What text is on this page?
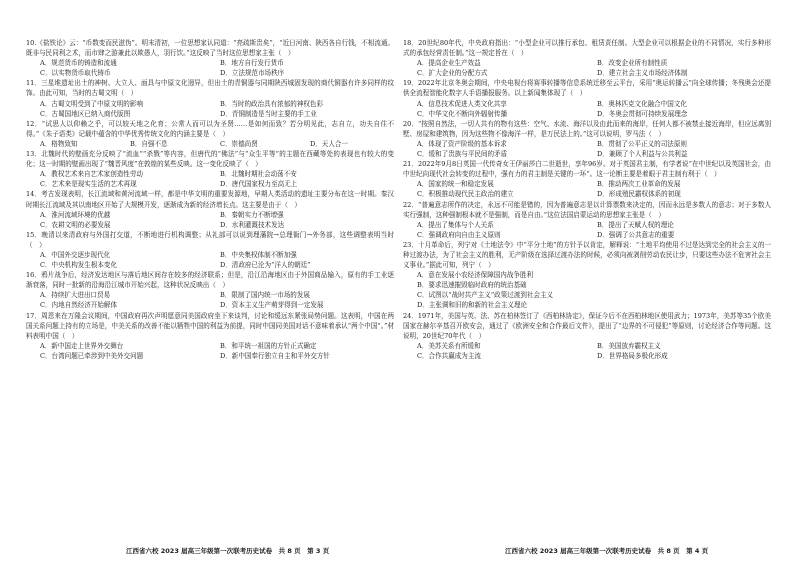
10.《盐铁论》云：“币数变而民滋伪”。明末清初，一位思想家认同道：“亮疏斯贵矣”，“近日河南、陕西各自行钱，不相流通。既非与民同利之术，而市肆之游兼此以欺愚人，羽行饮。”这反映了当时这位思想家主张（　）

A．规范货币的铸造和流通	B．地方自行发行货币
C．以实物货币取代铸币	D．立法规范市场秩序

11．三星堆遗址出土的神树、大立人、面具与中原文化迥异，但出土的青铜器与同期陕西城固发现的商代铜器有许多同样的纹饰。由此可知，当时的古蜀文明（　）

A．古蜀文明受到了中原文明的影响	B．当时的政治具有浓郁的神权色彩
C．古蜀国地区已纳入商代版图	D．青铜制造是当时主要的手工业

12．“试思人以仰赖之乎，可以较天地之化育；公常人而可以为圣贤……是如何而致？若分明见此，志自立，功夫自住不得。”《朱子语类》记载中蕴含的中华优秀传统文化的内涵主要是（　）

A．格物致知	B．自强不息	C．崇德尚贤	D．天人合一

13．北魏时代的壁画充分反映了“流血”“杀戮”等内容，但唐代的“佛法”与“众生平等”的主题在西藏等处的表现也有较大的变化；这一时期的壁画出现了“魏晋风度”在敦煌的某些反映。这一变化反映了（　）

A．教权艺术来自艺术家创造性劳动	B．北魏时期社会动荡不安
C．艺术来是现实生活的艺术再现	D．唐代国家权力至高无上

14．考古发现表明，长江流域和黄河流域一样，都是中华文明的重要发源地，早期人类活动的遗址主要分布在这一时期。秦汉时期长江流域及其以南地区开始了大规模开发，逐渐成为新的经济增长点。这主要是由于（　）

A．淮河流域环境的优越	B．秦朝实力不断增强
C．农耕文明的必要发展	D．水利灌溉技术发达

15．晚清以来清政府与外国打交道，不断地进行机构调整；从礼部可以说到理藩院→总理衙门→外务部，这些调整表明当时（　）

A．中国外交逐步现代化	B．中央集权体制不断加强
C．中央机构发生根本变化	D．清政府已沦为“洋人的朝廷”

16．鸦片战争后，经济发达地区与落后地区间存在较多的经济联系；但是，沿江沿海地区由于外国商品输入，原有的手工业逐渐衰落，同时一批新的沿海沿江城市开始兴起，这种状况反映出（　）

A．持续扩大进出口贸易	B．限制了国内统一市场的发展
C．内地自然经济开始解体	D．资本主义生产萌芽得到一定发展

17．周恩来在万隆会议期间，中国政府再次声明愿意同美国政府坐下来谈判，讨论和缓远东紧张局势问题。这表明，中国在两国关系问题上持有的立场是，中美关系的改善不能以牺牲中国的利益为前提，同时中国同美国对话不意味着承认“两个中国”。”材料表明中国（　）

A．新中国走上世界外交舞台	B．和平统一祖国的方针正式确定
C．台湾问题已牵涉到中美外交问题	D．新中国奉行独立自主和平外交方针

18．20世纪80年代，中央政府指出：“小型企业可以推行承包、租赁责任制。大型企业可以根据企业的不同情况，实行多种形式的承包经营责任制。”这一规定旨在（　）

A．提高企业生产效益	B．改变企业所有制性质
C．扩大企业的分配方式	D．建立社会主义市场经济体制

19．2022年北京冬奥会期间，中央电视台将赛事转播等信息系统迁移至云平台，采用“奥运转播云”向全球传播；冬残奥会还提供全流程智能化数字人手语播报服务。以上新闻集体现了（　）

A．信息技术促进人类文化共享	B．奥林匹克文化融合中国文化
C．中华文化不断向外辐射传播	D．冬奥会贯彻可持续发展理念

20．“按照自然法，一切人共有的物有这些：空气、水流、海洋以及由此而来的海岸，任何人都不被禁止接近海岸，但应远离别墅、房屋和建筑物，因为这些物不像海洋一样，是万民法上的。”这可以说明，罗马法（　）

A．体现了资产阶级的基本诉求	B．贯彻了公平正义的司法原则
C．缓和了贵族与平民间的矛盾	D．兼顾了个人利益与公共利益

21．2022年9月8日英国一代传奇女王伊丽莎白二世逝世，享年96岁。对于英国君主制，有学者说“在中世纪以及英国社会，由中世纪向现代社会转变的过程中，强有力的君主制是关键的一环”。这一论断主要是着眼于君主制有利于（　）

A．国家的统一和稳定发展	B．推动两次工业革命的发展
C．积极推动现代民主政治的建立	D．形成殖民霸权体系的初现

22．“普遍意志所作的决定，永远不可能是错的，因为普遍意志是以计算票数来决定的，因而永远是多数人的意志；对于多数人实行强制，这种强制根本就不是强制，而是自由。”这位法国启蒙运动的思想家主张是（　）

A．提出了集体与个人关系	B．提出了天赋人权的理论
C．强调政府向自由主义原则	D．强调了公共意志的重要

23．十月革命后，列宁对《土地法令》中“平分土地”的方针予以肯定，解释说：“土地平均使用不过是达到完全的社会主义的一种过渡办法，为了社会主义的胜利，无产阶级在选择过渡办法的时候，必须向被剥削劳动农民让步，只要这些办法不危害社会主义事业。”据此可知，列宁（　）

A．意在发展小农经济保障国内战争胜利
B．要求迅速摧毁临时政府的统治基础
C．试图以“战时共产主义”政策过渡到社会主义
D．主张调和旧的和新的社会主义理论

24．1971年，美国与英、法、苏在柏林签订了《西柏林协定》，保证今后不在西柏林地区使用武力；1973年，美苏等35个欧美国家在赫尔辛基召开欧安会，通过了《欧洲安全和合作最后文件》，提出了“边界的不可侵犯”等原则，讨论经济合作等问题。这说明，20世纪70年代（　）

A．美苏关系有所缓和	B．美国放弃霸权主义
C．合作共赢成为主流	D．世界格局多极化形成
江西省六校 2023 届高三年级第一次联考历史试卷　共 8 页　第 3 页	江西省六校 2023 届高三年级第一次联考历史试卷　共 8 页　第 4 页
